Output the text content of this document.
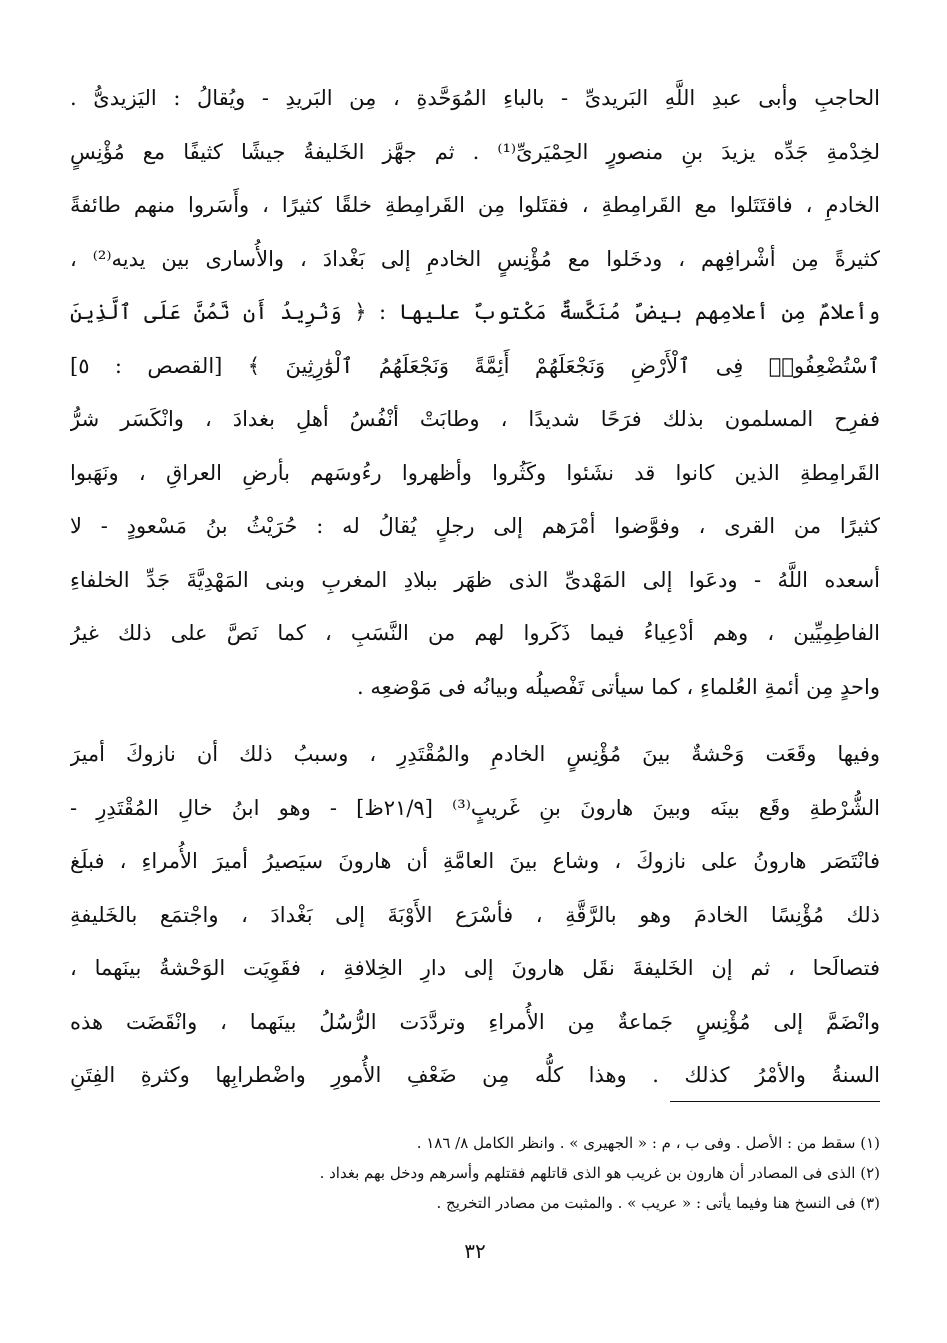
الحاجبِ وأبى عبدِ اللَّهِ البَريدىِّ - بالباءِ المُوَحَّدةِ ، مِن البَريدِ - ويُقالُ : اليَزيدىُّ .
لخِدْمةِ جَدِّه يزيدَ بنِ منصورٍ الحِمْيَرىِّ⁽¹⁾ . ثم جهَّز الخَليفةُ جيشًا كثيفًا مع مُؤْنِسٍ
الخادمِ ، فاقتَتَلوا مع القَرامِطةِ ، فقتَلوا مِن القَرامِطةِ خلقًا كثيرًا ، وأَسَروا منهم طائفةً
كثيرةً مِن أشْرافِهم ، ودخَلوا مع مُؤْنِسٍ الخادمِ إلى بَغْدادَ ، والأُسارى بين يديه⁽²⁾ ،
وأعلامٌ مِن أعلامِهم بيضٌ مُنَكَّسةٌ مَكْتوبٌ عليها : ﴿ وَنُرِيدُ أَن نَّمُنَّ عَلَى ٱلَّذِينَ
ٱسْتُضْعِفُوا۟ فِى ٱلْأَرْضِ وَنَجْعَلَهُمْ أَئِمَّةً وَنَجْعَلَهُمُ ٱلْوَٰرِثِينَ ﴾ [القصص : ٥]
ففرِح المسلمون بذلك فرَحًا شديدًا ، وطابَتْ أنْفُسُ أهلِ بغدادَ ، وانْكَسَر شرُّ
القَرامِطةِ الذين كانوا قد نشَئوا وكَثُروا وأظهروا رءُوسَهم بأرضِ العراقِ ، ونَهَبوا
كثيرًا من القرى ، وفوَّضوا أمْرَهم إلى رجلٍ يُقالُ له : حُرَيْثُ بنُ مَسْعودٍ - لا
أسعده اللَّهُ - ودعَوا إلى المَهْدىِّ الذى ظهَر ببلادِ المغربِ وبنى المَهْدِيَّةَ جَدِّ الخلفاءِ
الفاطِمِيِّين ، وهم أدْعِياءُ فيما ذَكَروا لهم من النَّسَبِ ، كما نَصَّ على ذلك غيرُ
واحدٍ مِن أئمةِ العُلماءِ ، كما سيأتى تَفْصيلُه وبيانُه فى مَوْضعِه .
وفيها وقَعَت وَحْشةٌ بينَ مُؤْنِسٍ الخادمِ والمُقْتَدِرِ ، وسببُ ذلك أن نازوكَ أميرَ
الشُّرْطةِ وقَع بينَه وبينَ هارونَ بنِ غَريبٍ⁽³⁾ [٢١/٩ظ] - وهو ابنُ خالِ المُقْتَدِرِ -
فانْتَصَر هارونُ على نازوكَ ، وشاع بينَ العامَّةِ أن هارونَ سيَصيرُ أميرَ الأُمراءِ ، فبلَغ
ذلك مُؤْنِسًا الخادمَ وهو بالرَّقَّةِ ، فأسْرَع الأَوْبَةَ إلى بَغْدادَ ، واجْتمَع بالخَليفةِ
فتصالَحا ، ثم إن الخَليفةَ نقَل هارونَ إلى دارِ الخِلافةِ ، فقَوِيَت الوَحْشةُ بينَهما ،
وانْضَمَّ إلى مُؤْنِسٍ جَماعةٌ مِن الأُمراءِ وتردَّدَت الرُّسُلُ بينَهما ، وانْقَضَت هذه
السنةُ والأمْرُ كذلك . وهذا كلُّه مِن ضَعْفِ الأُمورِ واضْطرابِها وكثرةِ الفِتَنِ
(١) سقط من : الأصل . وفى ب ، م : « الجهيرى » . وانظر الكامل ٨/ ١٨٦ .
(٢) الذى فى المصادر أن هارون بن غريب هو الذى قاتلهم فقتلهم وأسرهم ودخل بهم بغداد .
(٣) فى النسخ هنا وفيما يأتى : « عريب » . والمثبت من مصادر التخريج .
٣٢
